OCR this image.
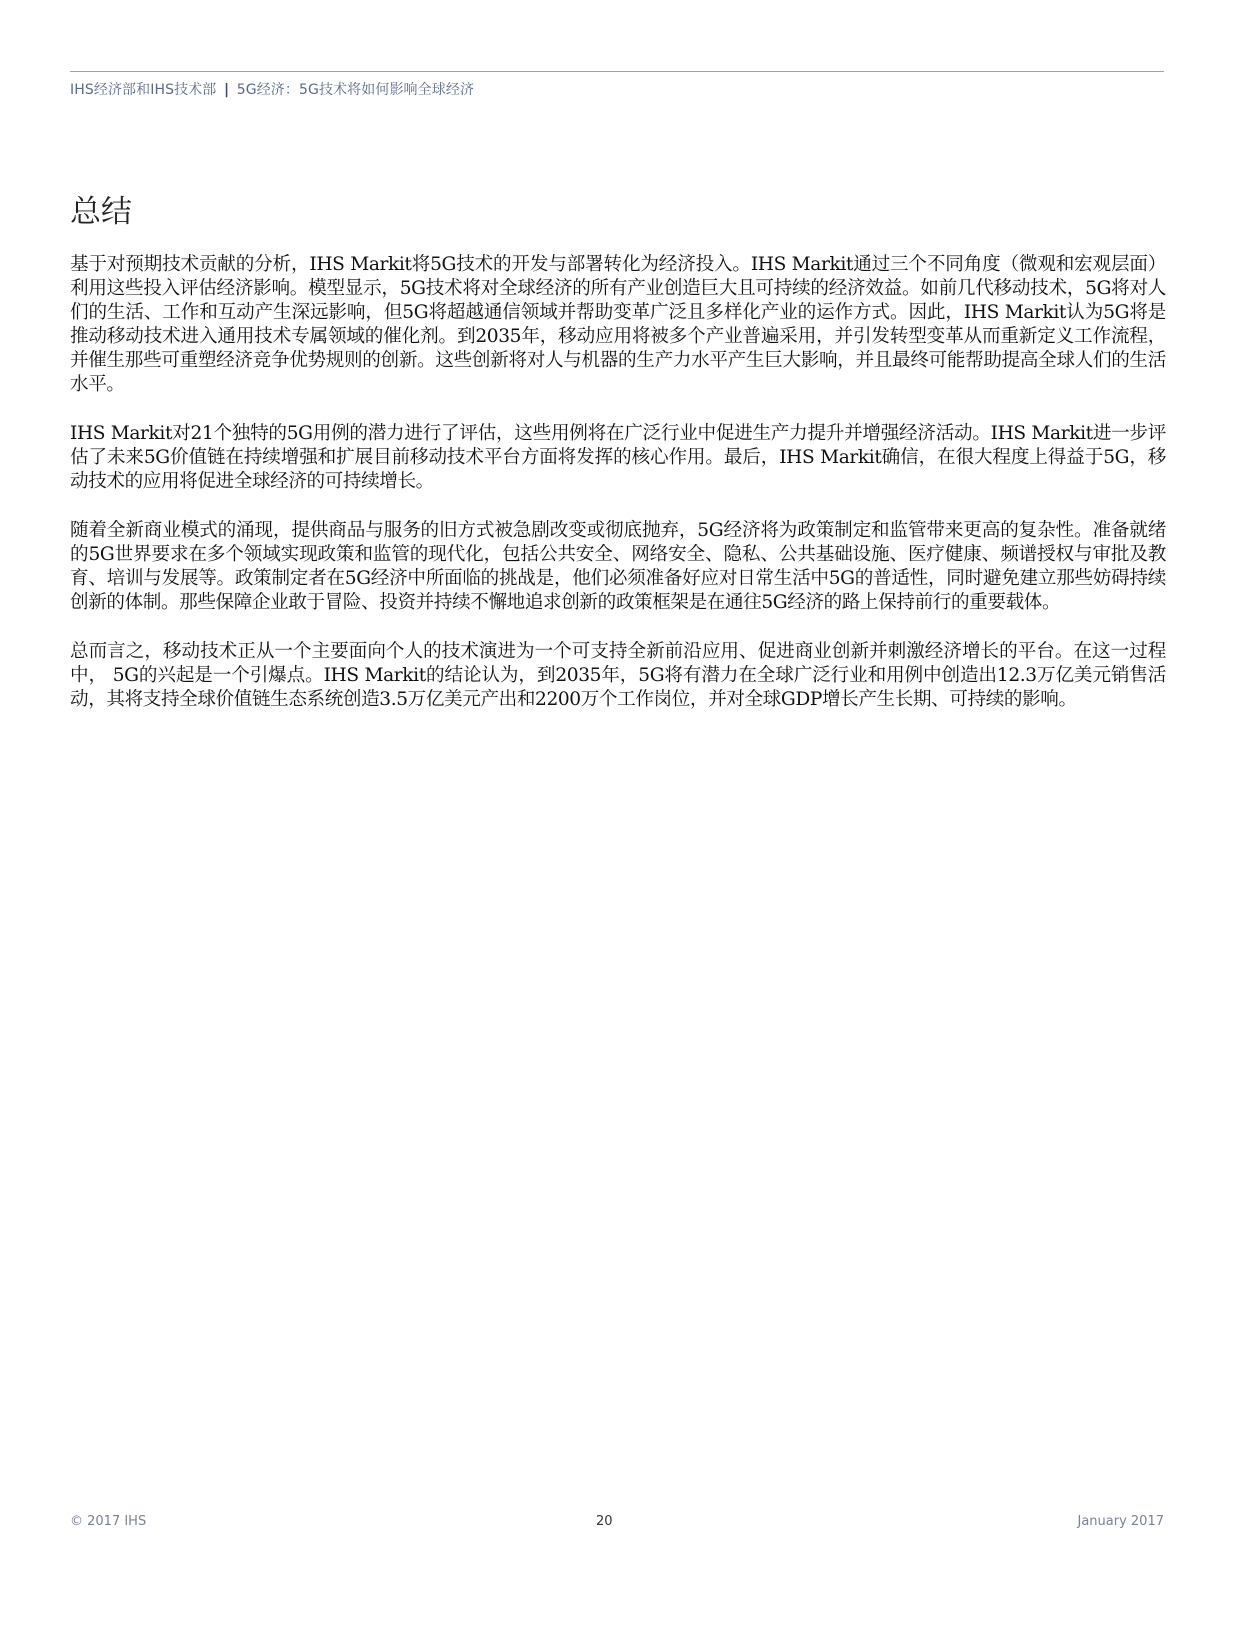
IHS经济部和IHS技术部 | 5G经济：5G技术将如何影响全球经济
总结

基于对预期技术贡献的分析，IHS Markit将5G技术的开发与部署转化为经济投入。IHS Markit通过三个不同角度（微观和宏观层面）利用这些投入评估经济影响。模型显示，5G技术将对全球经济的所有产业创造巨大且可持续的经济效益。如前几代移动技术，5G将对人们的生活、工作和互动产生深远影响，但5G将超越通信领域并帮助变革广泛且多样化产业的运作方式。因此，IHS Markit认为5G将是推动移动技术进入通用技术专属领域的催化剂。到2035年，移动应用将被多个产业普遍采用，并引发转型变革从而重新定义工作流程，并催生那些可重塑经济竞争优势规则的创新。这些创新将对人与机器的生产力水平产生巨大影响，并且最终可能帮助提高全球人们的生活水平。

IHS Markit对21个独特的5G用例的潜力进行了评估，这些用例将在广泛行业中促进生产力提升并增强经济活动。IHS Markit进一步评估了未来5G价值链在持续增强和扩展目前移动技术平台方面将发挥的核心作用。最后，IHS Markit确信，在很大程度上得益于5G，移动技术的应用将促进全球经济的可持续增长。

随着全新商业模式的涌现，提供商品与服务的旧方式被急剧改变或彻底抛弃，5G经济将为政策制定和监管带来更高的复杂性。准备就绪的5G世界要求在多个领域实现政策和监管的现代化，包括公共安全、网络安全、隐私、公共基础设施、医疗健康、频谱授权与审批及教育、培训与发展等。政策制定者在5G经济中所面临的挑战是，他们必须准备好应对日常生活中5G的普适性，同时避免建立那些妨碍持续创新的体制。那些保障企业敢于冒险、投资并持续不懈地追求创新的政策框架是在通往5G经济的路上保持前行的重要载体。

总而言之，移动技术正从一个主要面向个人的技术演进为一个可支持全新前沿应用、促进商业创新并刺激经济增长的平台。在这一过程中， 5G的兴起是一个引爆点。IHS Markit的结论认为，到2035年，5G将有潜力在全球广泛行业和用例中创造出12.3万亿美元销售活动，其将支持全球价值链生态系统创造3.5万亿美元产出和2200万个工作岗位，并对全球GDP增长产生长期、可持续的影响。

© 2017 IHS	20	January 2017
